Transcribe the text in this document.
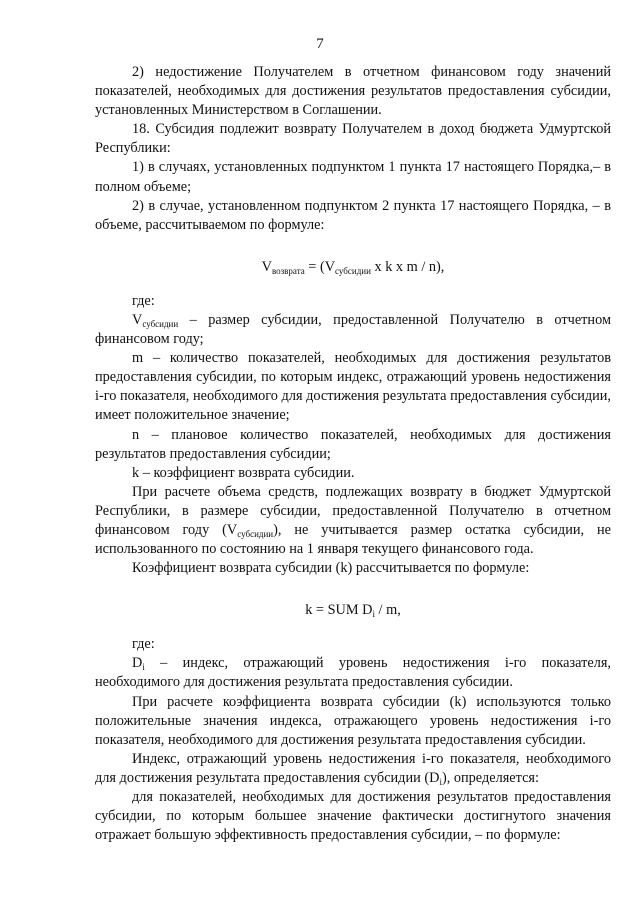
7

2) недостижение Получателем в отчетном финансовом году значений показателей, необходимых для достижения результатов предоставления субсидии, установленных Министерством в Соглашении.

18. Субсидия подлежит возврату Получателем в доход бюджета Удмуртской Республики:

1) в случаях, установленных подпунктом 1 пункта 17 настоящего Порядка,– в полном объеме;

2) в случае, установленном подпунктом 2 пункта 17 настоящего Порядка, – в объеме, рассчитываемом по формуле:

$V_{возврата} = (V_{субсидии}$ x k x m / n),

где:

$V_{субсидии}$ – размер субсидии, предоставленной Получателю в отчетном финансовом году;

m – количество показателей, необходимых для достижения результатов предоставления субсидии, по которым индекс, отражающий уровень недостижения i-го показателя, необходимого для достижения результата предоставления субсидии, имеет положительное значение;

n – плановое количество показателей, необходимых для достижения результатов предоставления субсидии;

k – коэффициент возврата субсидии.

При расчете объема средств, подлежащих возврату в бюджет Удмуртской Республики, в размере субсидии, предоставленной Получателю в отчетном финансовом году $(V_{субсидии})$, не учитывается размер остатка субсидии, не использованного по состоянию на 1 января текущего финансового года.

Коэффициент возврата субсидии (k) рассчитывается по формуле:

k = SUM $D_i$ / m,

где:

$D_i$ – индекс, отражающий уровень недостижения i-го показателя, необходимого для достижения результата предоставления субсидии.

При расчете коэффициента возврата субсидии (k) используются только положительные значения индекса, отражающего уровень недостижения i-го показателя, необходимого для достижения результата предоставления субсидии.

Индекс, отражающий уровень недостижения i-го показателя, необходимого для достижения результата предоставления субсидии $(D_i)$, определяется:

для показателей, необходимых для достижения результатов предоставления субсидии, по которым большее значение фактически достигнутого значения отражает большую эффективность предоставления субсидии, – по формуле:
